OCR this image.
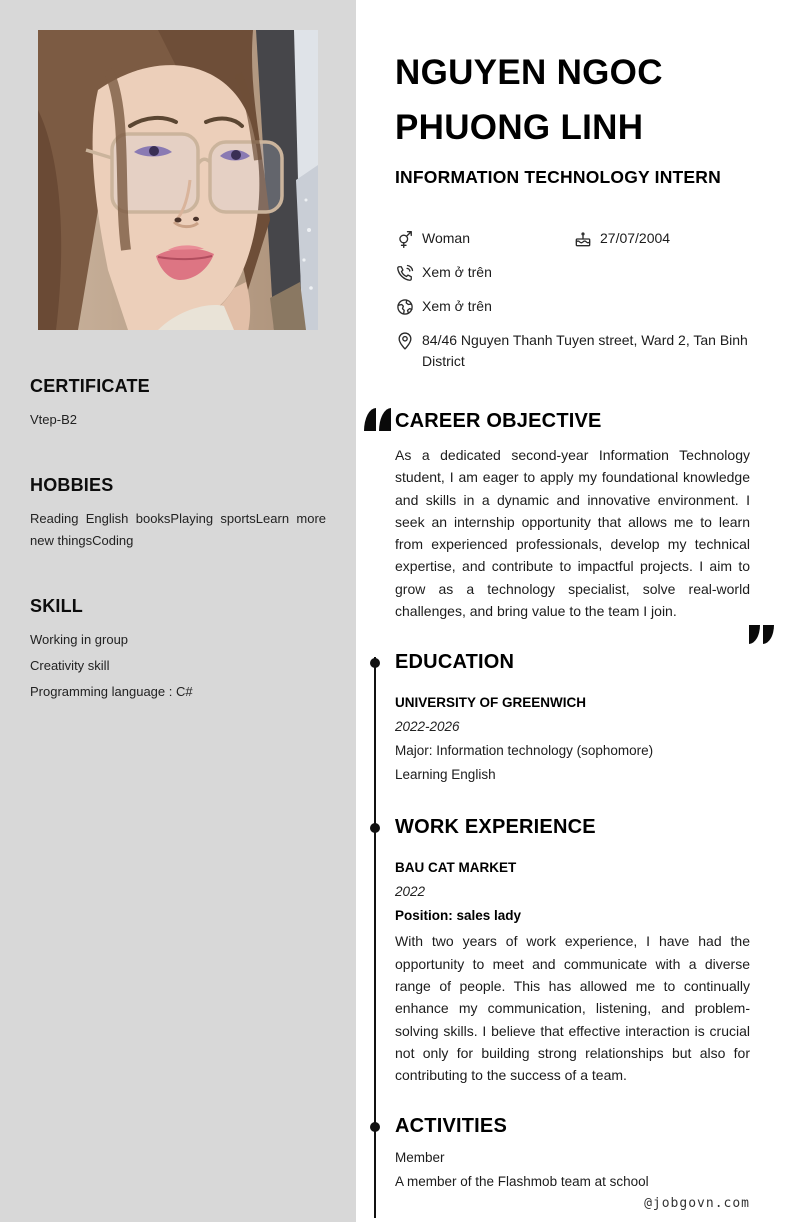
CERTIFICATE
Vtep-B2
HOBBIES
Reading English booksPlaying sportsLearn more new thingsCoding
SKILL
Working in group
Creativity skill
Programming language : C#
NGUYEN NGOC PHUONG LINH
INFORMATION TECHNOLOGY INTERN
Woman	27/07/2004
Xem ở trên
Xem ở trên
84/46 Nguyen Thanh Tuyen street, Ward 2, Tan Binh District
CAREER OBJECTIVE

As a dedicated second-year Information Technology student, I am eager to apply my foundational knowledge and skills in a dynamic and innovative environment. I seek an internship opportunity that allows me to learn from experienced professionals, develop my technical expertise, and contribute to impactful projects. I aim to grow as a technology specialist, solve real-world challenges, and bring value to the team I join.

EDUCATION
UNIVERSITY OF GREENWICH
2022-2026
Major: Information technology (sophomore)
Learning English
WORK EXPERIENCE
BAU CAT MARKET
2022
Position: sales lady

With two years of work experience, I have had the opportunity to meet and communicate with a diverse range of people. This has allowed me to continually enhance my communication, listening, and problem-solving skills. I believe that effective interaction is crucial not only for building strong relationships but also for contributing to the success of a team.

ACTIVITIES
Member
A member of the Flashmob team at school
@jobgovn.com
